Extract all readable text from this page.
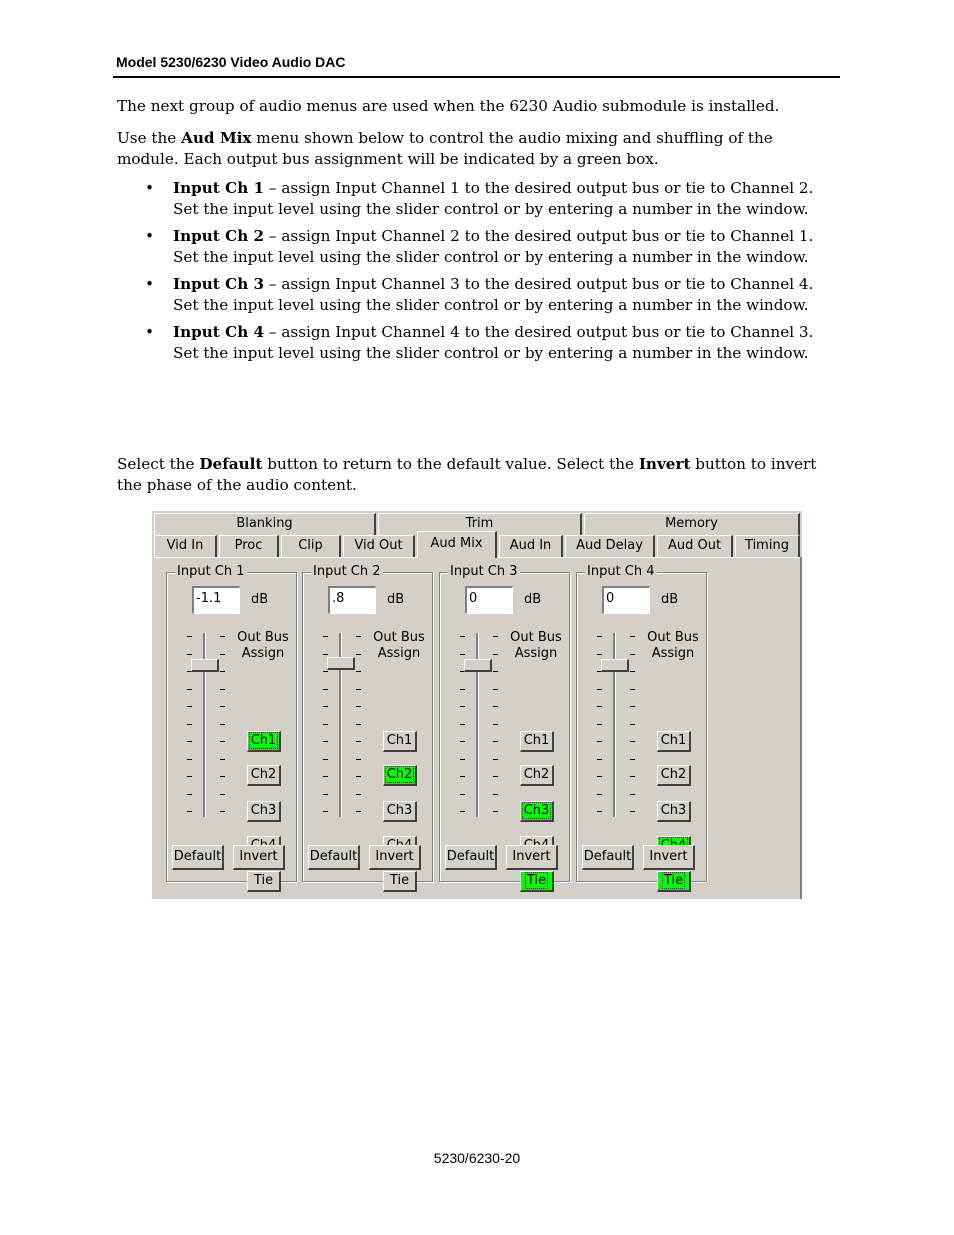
Model 5230/6230 Video Audio DAC

The next group of audio menus are used when the 6230 Audio submodule is installed.

Use the Aud Mix menu shown below to control the audio mixing and shuffling of the module. Each output bus assignment will be indicated by a green box.

• Input Ch 1 – assign Input Channel 1 to the desired output bus or tie to Channel 2. Set the input level using the slider control or by entering a number in the window.
• Input Ch 2 – assign Input Channel 2 to the desired output bus or tie to Channel 1. Set the input level using the slider control or by entering a number in the window.
• Input Ch 3 – assign Input Channel 3 to the desired output bus or tie to Channel 4. Set the input level using the slider control or by entering a number in the window.
• Input Ch 4 – assign Input Channel 4 to the desired output bus or tie to Channel 3. Set the input level using the slider control or by entering a number in the window.

Select the Default button to return to the default value. Select the Invert button to invert the phase of the audio content.

Blanking	Trim	Memory
Vid In	Proc	Clip	Vid Out	Aud Mix	Aud In	Aud Delay	Aud Out	Timing
Input Ch 1
-1.1	dB
Out Bus
Assign
Ch1
Ch2
Ch3
Tie
Default	Invert
Input Ch 2
.8	dB
Out Bus
Assign
Ch1
Ch2
Ch3
Tie
Default	Invert
Input Ch 3
0	dB
Out Bus
Assign
Ch1
Ch2
Ch3
Tie
Default	Invert
Input Ch 4
0	dB
Out Bus
Assign
Ch1
Ch2
Ch3
Tie
Default	Invert
5230/6230-20
